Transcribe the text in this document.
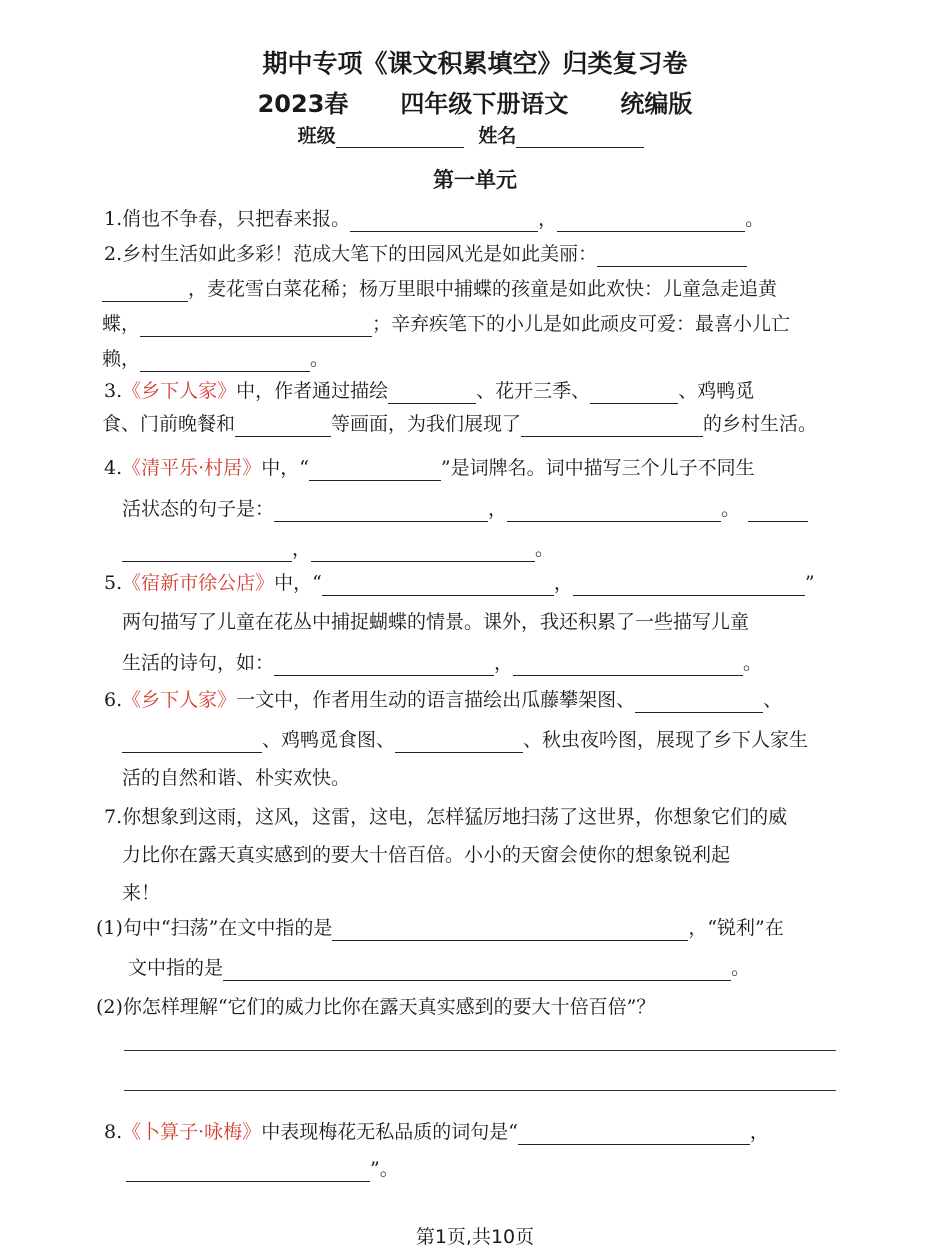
期中专项《课文积累填空》归类复习卷
2023春 四年级下册语文 统编版
班级	姓名
第一单元
1.俏也不争春，只把春来报。	，	。
2.乡村生活如此多彩！范成大笔下的田园风光是如此美丽：
，麦花雪白菜花稀；杨万里眼中捕蝶的孩童是如此欢快：儿童急走追黄
蝶，	；辛弃疾笔下的小儿是如此顽皮可爱：最喜小儿亡
赖，	。
3.《乡下人家》中，作者通过描绘	、花开三季、	、鸡鸭觅
食、门前晚餐和	等画面，为我们展现了	的乡村生活。
4.《清平乐·村居》中，“	”是词牌名。词中描写三个儿子不同生
活状态的句子是：	，	。
，	。
5.《宿新市徐公店》中，“	，	”
两句描写了儿童在花丛中捕捉蝴蝶的情景。课外，我还积累了一些描写儿童
生活的诗句，如：	，	。
6.《乡下人家》一文中，作者用生动的语言描绘出瓜藤攀架图、	、
、鸡鸭觅食图、	、秋虫夜吟图，展现了乡下人家生
活的自然和谐、朴实欢快。
7.你想象到这雨，这风，这雷，这电，怎样猛厉地扫荡了这世界，你想象它们的威
力比你在露天真实感到的要大十倍百倍。小小的天窗会使你的想象锐利起
来！
(1)句中“扫荡”在文中指的是	，“锐利”在
文中指的是	。
(2)你怎样理解“它们的威力比你在露天真实感到的要大十倍百倍”？
8.《卜算子·咏梅》中表现梅花无私品质的词句是“	，
”。
第1页,共10页
